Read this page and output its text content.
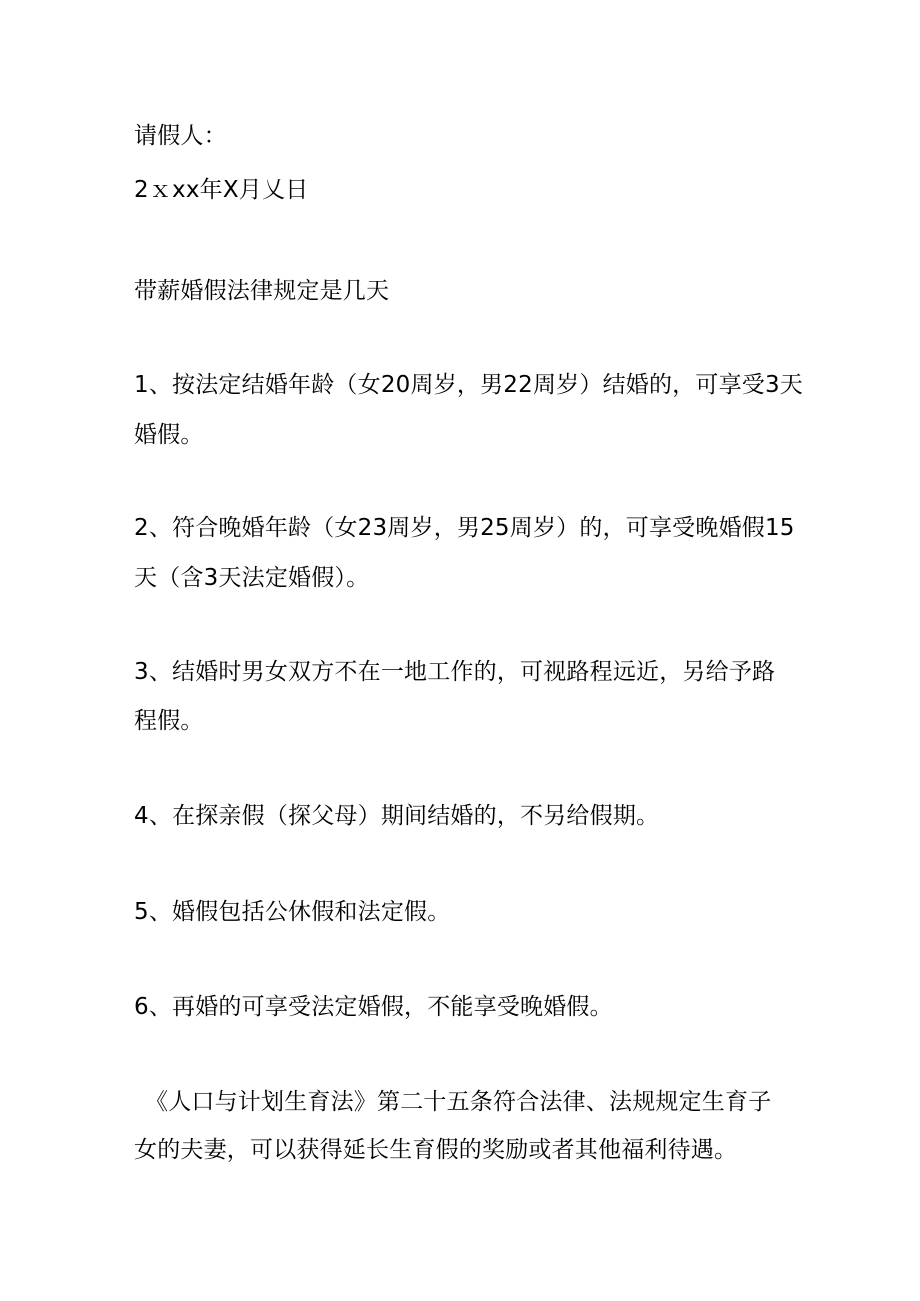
请假人：
2ｘxx年X月乂日
带薪婚假法律规定是几天
1、按法定结婚年龄（女20周岁，男22周岁）结婚的，可享受3天
婚假。
2、符合晚婚年龄（女23周岁，男25周岁）的，可享受晚婚假15
天（含3天法定婚假）。
3、结婚时男女双方不在一地工作的，可视路程远近，另给予路
程假。
4、在探亲假（探父母）期间结婚的，不另给假期。
5、婚假包括公休假和法定假。
6、再婚的可享受法定婚假，不能享受晚婚假。
《人口与计划生育法》第二十五条符合法律、法规规定生育子
女的夫妻，可以获得延长生育假的奖励或者其他福利待遇。
